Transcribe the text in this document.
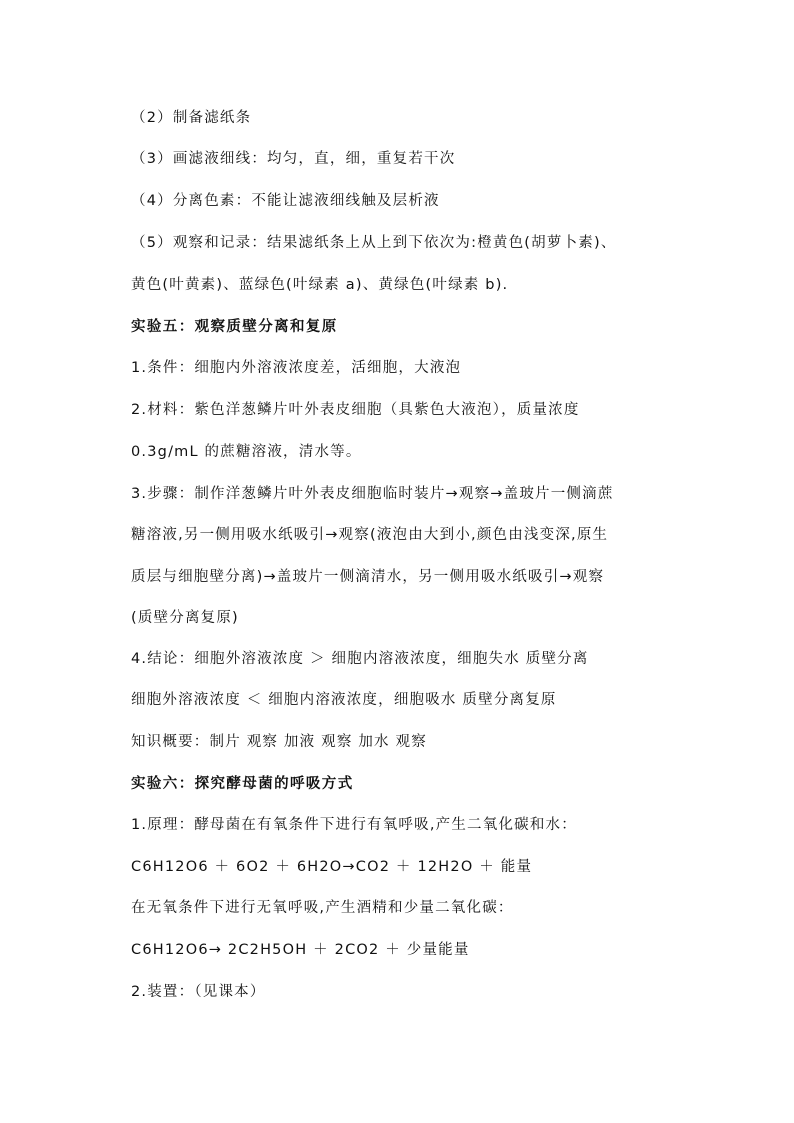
（2）制备滤纸条
（3）画滤液细线：均匀，直，细，重复若干次
（4）分离色素：不能让滤液细线触及层析液
（5）观察和记录：结果滤纸条上从上到下依次为:橙黄色(胡萝卜素)、
黄色(叶黄素)、蓝绿色(叶绿素 a)、黄绿色(叶绿素 b).
实验五：观察质壁分离和复原
1.条件：细胞内外溶液浓度差，活细胞，大液泡
2.材料：紫色洋葱鳞片叶外表皮细胞（具紫色大液泡），质量浓度
0.3g/mL 的蔗糖溶液，清水等。
3.步骤：制作洋葱鳞片叶外表皮细胞临时装片→观察→盖玻片一侧滴蔗
糖溶液,另一侧用吸水纸吸引→观察(液泡由大到小,颜色由浅变深,原生
质层与细胞壁分离)→盖玻片一侧滴清水，另一侧用吸水纸吸引→观察
(质壁分离复原)
4.结论：细胞外溶液浓度 ＞ 细胞内溶液浓度，细胞失水 质壁分离
细胞外溶液浓度 ＜ 细胞内溶液浓度，细胞吸水 质壁分离复原
知识概要：制片 观察 加液 观察 加水 观察
实验六：探究酵母菌的呼吸方式
1.原理：酵母菌在有氧条件下进行有氧呼吸,产生二氧化碳和水：
C6H12O6 ＋ 6O2 ＋ 6H2O→CO2 ＋ 12H2O ＋ 能量
在无氧条件下进行无氧呼吸,产生酒精和少量二氧化碳：
C6H12O6→ 2C2H5OH ＋ 2CO2 ＋ 少量能量
2.装置：（见课本）
